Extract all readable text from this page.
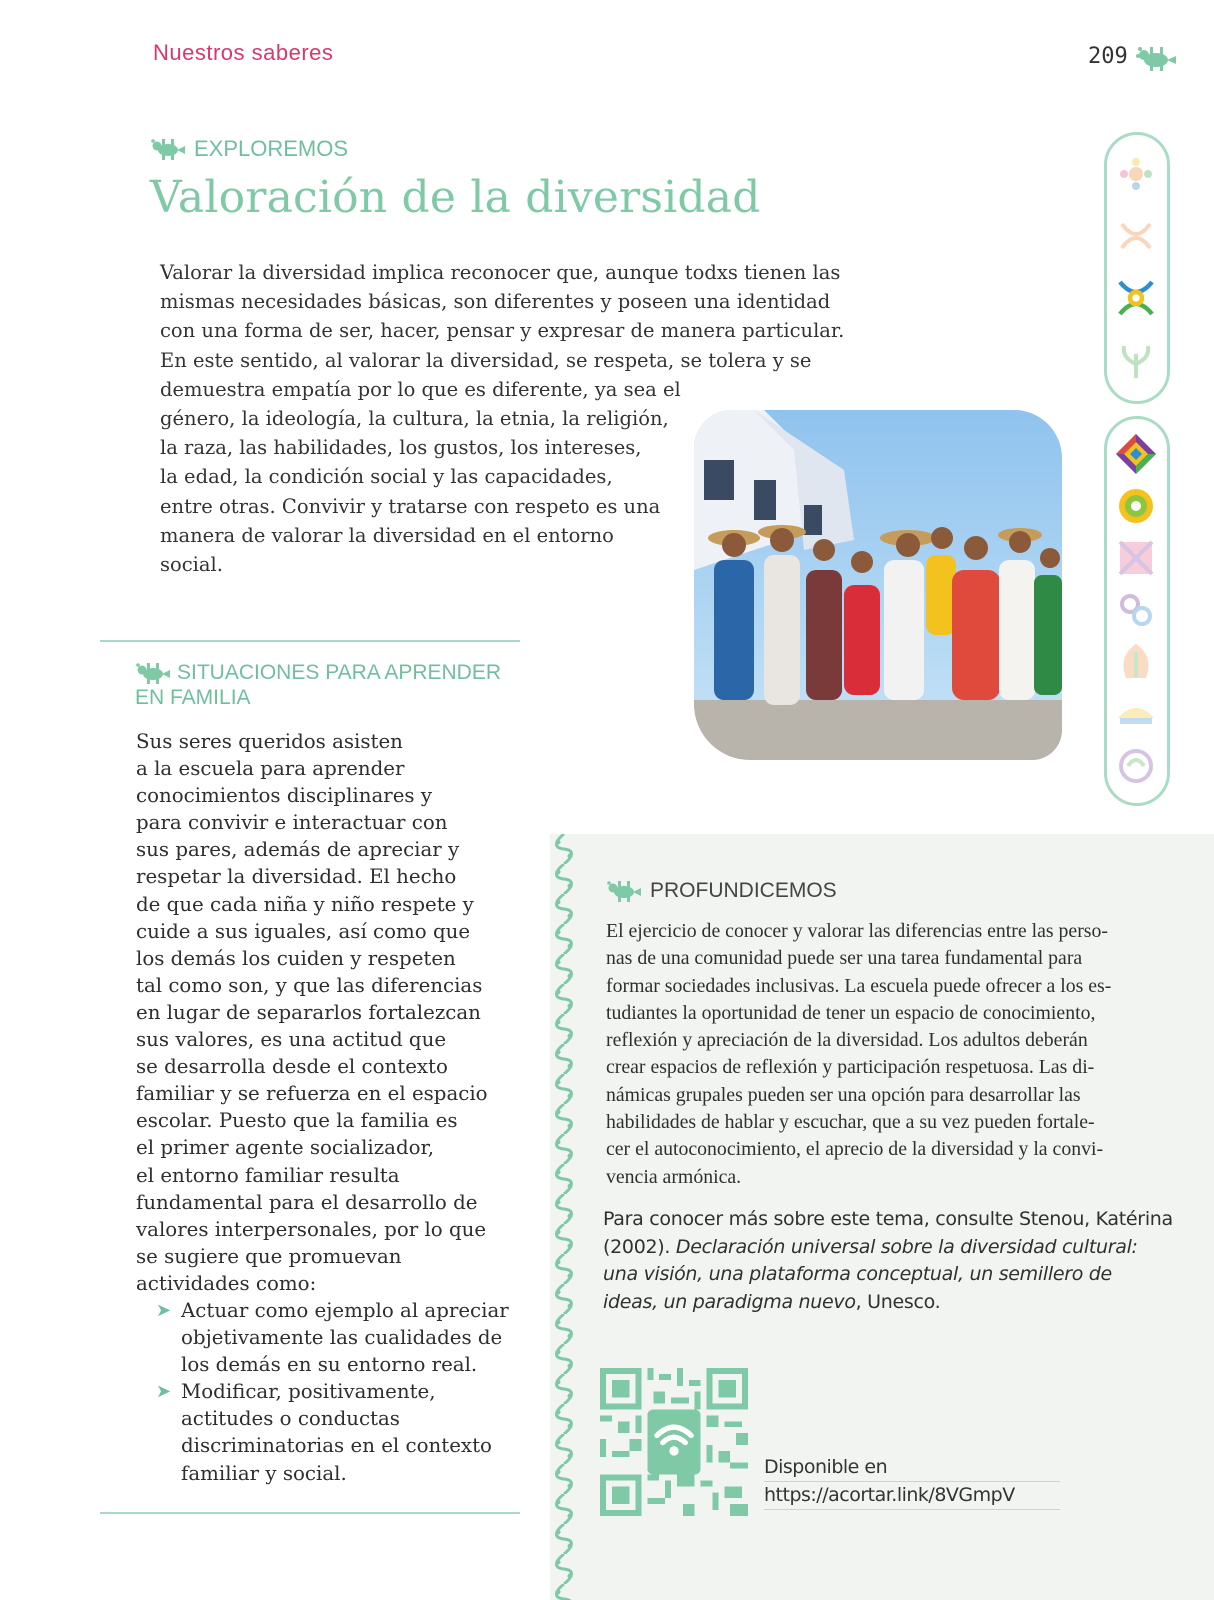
Nuestros saberes	209
EXPLOREMOS
Valoración de la diversidad
Valorar la diversidad implica reconocer que, aunque todxs tienen las
mismas necesidades básicas, son diferentes y poseen una identidad
con una forma de ser, hacer, pensar y expresar de manera particular.
En este sentido, al valorar la diversidad, se respeta, se tolera y se
demuestra empatía por lo que es diferente, ya sea el
género, la ideología, la cultura, la etnia, la religión,
la raza, las habilidades, los gustos, los intereses,
la edad, la condición social y las capacidades,
entre otras. Convivir y tratarse con respeto es una
manera de valorar la diversidad en el entorno
social.
SITUACIONES PARA APRENDER
EN FAMILIA
Sus seres queridos asisten
a la escuela para aprender
conocimientos disciplinares y
para convivir e interactuar con
sus pares, además de apreciar y
respetar la diversidad. El hecho
de que cada niña y niño respete y
cuide a sus iguales, así como que
los demás los cuiden y respeten
tal como son, y que las diferencias
en lugar de separarlos fortalezcan
sus valores, es una actitud que
se desarrolla desde el contexto
familiar y se refuerza en el espacio
escolar. Puesto que la familia es
el primer agente socializador,
el entorno familiar resulta
fundamental para el desarrollo de
valores interpersonales, por lo que
se sugiere que promuevan
actividades como:
➤ Actuar como ejemplo al apreciar
objetivamente las cualidades de
los demás en su entorno real.
➤ Modificar, positivamente,
actitudes o conductas
discriminatorias en el contexto
familiar y social.
PROFUNDICEMOS
El ejercicio de conocer y valorar las diferencias entre las perso-
nas de una comunidad puede ser una tarea fundamental para
formar sociedades inclusivas. La escuela puede ofrecer a los es-
tudiantes la oportunidad de tener un espacio de conocimiento,
reflexión y apreciación de la diversidad. Los adultos deberán
crear espacios de reflexión y participación respetuosa. Las di-
námicas grupales pueden ser una opción para desarrollar las
habilidades de hablar y escuchar, que a su vez pueden fortale-
cer el autoconocimiento, el aprecio de la diversidad y la convi-
vencia armónica.
Para conocer más sobre este tema, consulte Stenou, Katérina
(2002). Declaración universal sobre la diversidad cultural:
una visión, una plataforma conceptual, un semillero de
ideas, un paradigma nuevo, Unesco.
Disponible en
https://acortar.link/8VGmpV
